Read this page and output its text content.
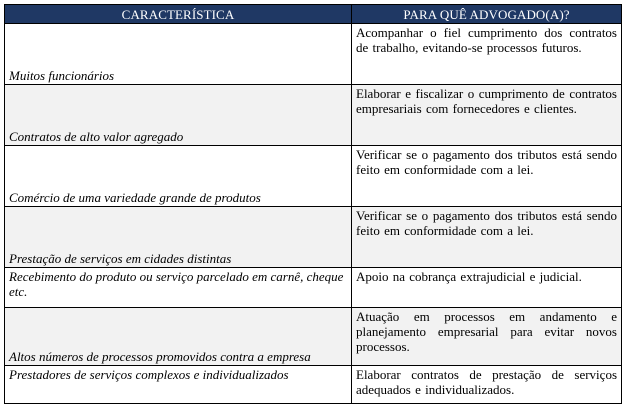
CARACTERÍSTICA	PARA QUÊ ADVOGADO(A)?
Muitos funcionários	Acompanhar o fiel cumprimento dos contratos de trabalho, evitando-se processos futuros.
Contratos de alto valor agregado	Elaborar e fiscalizar o cumprimento de contratos empresariais com fornecedores e clientes.
Comércio de uma variedade grande de produtos	Verificar se o pagamento dos tributos está sendo feito em conformidade com a lei.
Prestação de serviços em cidades distintas	Verificar se o pagamento dos tributos está sendo feito em conformidade com a lei.
Recebimento do produto ou serviço parcelado em carnê, cheque etc.	Apoio na cobrança extrajudicial e judicial.
Altos números de processos promovidos contra a empresa	Atuação em processos em andamento e planejamento empresarial para evitar novos processos.
Prestadores de serviços complexos e individualizados	Elaborar contratos de prestação de serviços adequados e individualizados.
